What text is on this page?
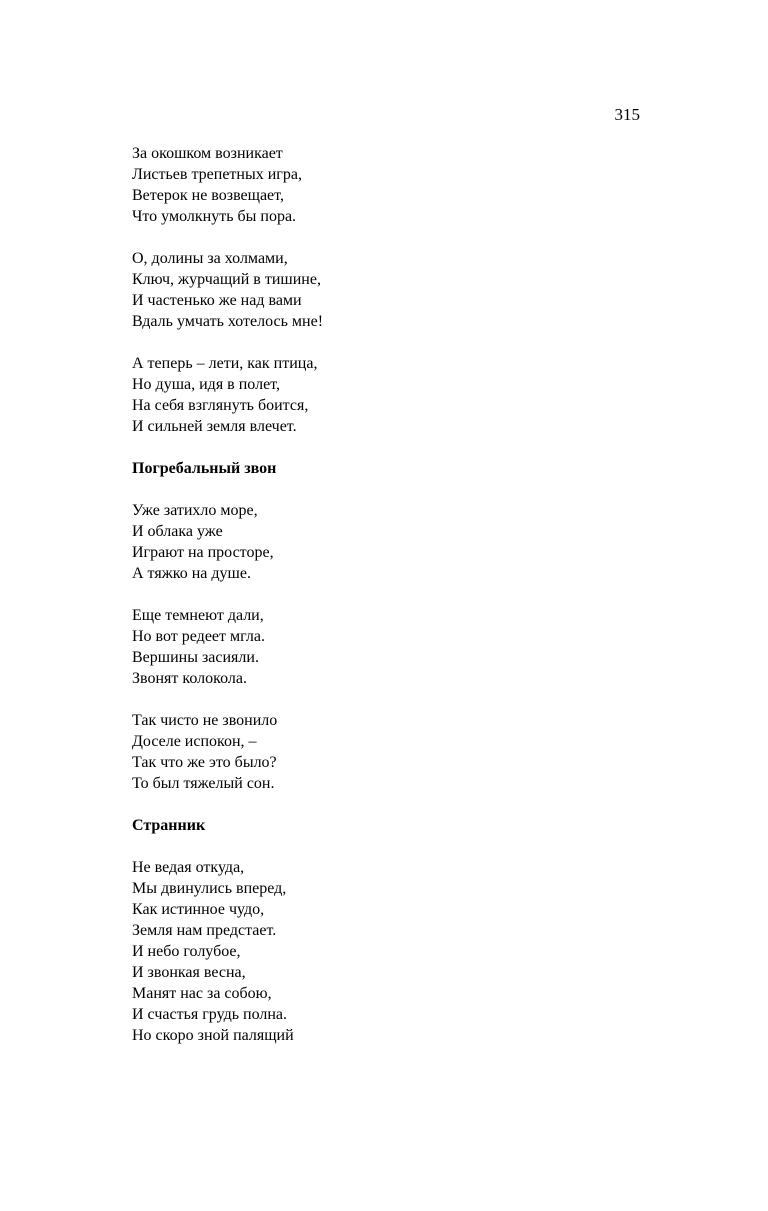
315
За окошком возникает
Листьев трепетных игра,
Ветерок не возвещает,
Что умолкнуть бы пора.
О, долины за холмами,
Ключ, журчащий в тишине,
И частенько же над вами
Вдаль умчать хотелось мне!
А теперь – лети, как птица,
Но душа, идя в полет,
На себя взглянуть боится,
И сильней земля влечет.
Погребальный звон
Уже затихло море,
И облака уже
Играют на просторе,
А тяжко на душе.
Еще темнеют дали,
Но вот редеет мгла.
Вершины засияли.
Звонят колокола.
Так чисто не звонило
Доселе испокон, –
Так что же это было?
То был тяжелый сон.
Странник
Не ведая откуда,
Мы двинулись вперед,
Как истинное чудо,
Земля нам предстает.
И небо голубое,
И звонкая весна,
Манят нас за собою,
И счастья грудь полна.
Но скоро зной палящий
